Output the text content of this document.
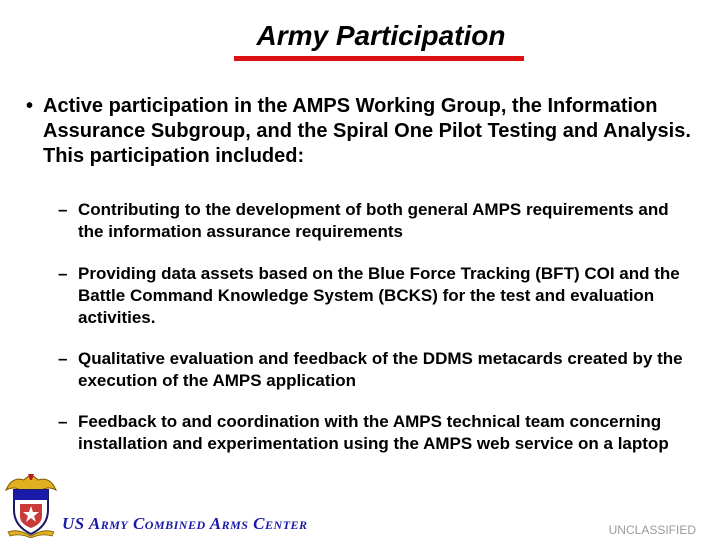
Army Participation
• Active participation in the AMPS Working Group, the Information Assurance Subgroup, and the Spiral One Pilot Testing and Analysis. This participation included:
– Contributing to the development of both general AMPS requirements and the information assurance requirements
– Providing data assets based on the Blue Force Tracking (BFT) COI and the Battle Command Knowledge System (BCKS) for the test and evaluation activities.
– Qualitative evaluation and feedback of the DDMS metacards created by the execution of the AMPS application
– Feedback to and coordination with the AMPS technical team concerning installation and experimentation using the AMPS web service on a laptop
US Army Combined Arms Center	UNCLASSIFIED
